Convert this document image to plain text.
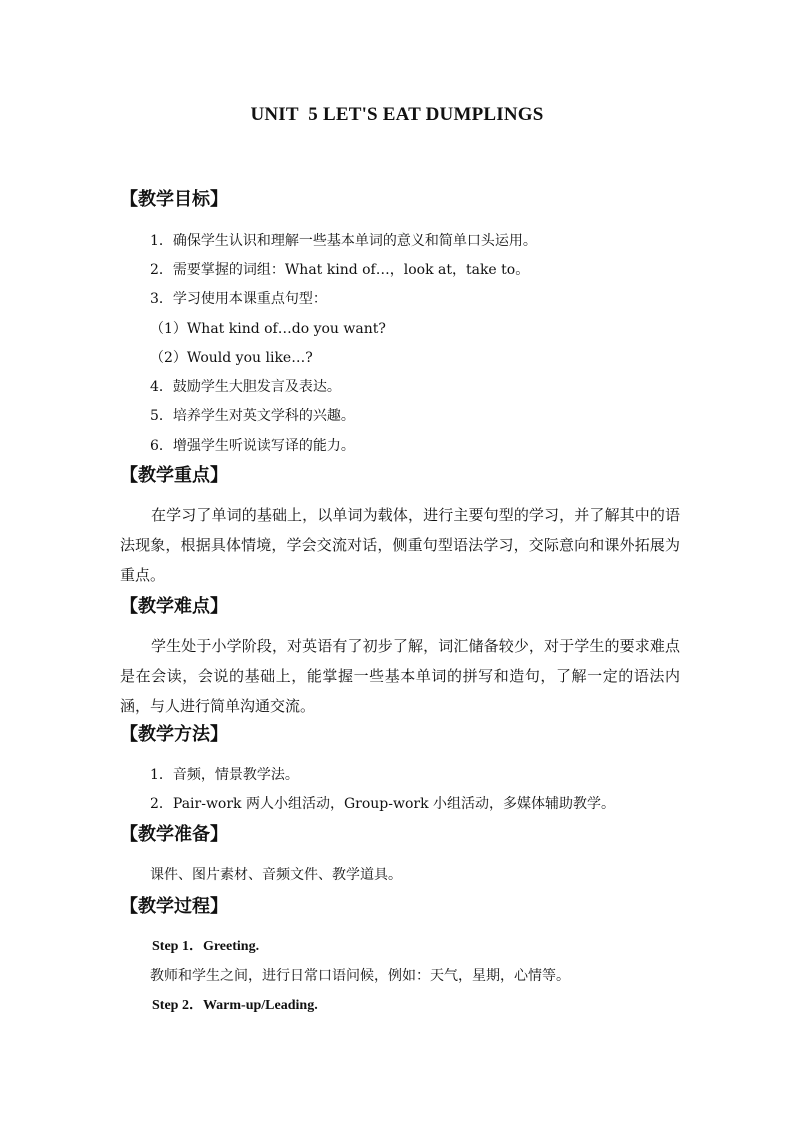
UNIT  5 LET'S EAT DUMPLINGS
【教学目标】
1．确保学生认识和理解一些基本单词的意义和简单口头运用。
2．需要掌握的词组：What kind of…，look at，take to。
3．学习使用本课重点句型：
（1）What kind of…do you want?
（2）Would you like…?
4．鼓励学生大胆发言及表达。
5．培养学生对英文学科的兴趣。
6．增强学生听说读写译的能力。
【教学重点】
在学习了单词的基础上，以单词为载体，进行主要句型的学习，并了解其中的语法现象，根据具体情境，学会交流对话，侧重句型语法学习，交际意向和课外拓展为重点。
【教学难点】
学生处于小学阶段，对英语有了初步了解，词汇储备较少，对于学生的要求难点是在会读，会说的基础上，能掌握一些基本单词的拼写和造句，了解一定的语法内涵，与人进行简单沟通交流。
【教学方法】
1．音频，情景教学法。
2．Pair-work 两人小组活动，Group-work 小组活动，多媒体辅助教学。
【教学准备】
课件、图片素材、音频文件、教学道具。
【教学过程】
Step 1．Greeting.
教师和学生之间，进行日常口语问候，例如：天气，星期，心情等。
Step 2．Warm-up/Leading.
